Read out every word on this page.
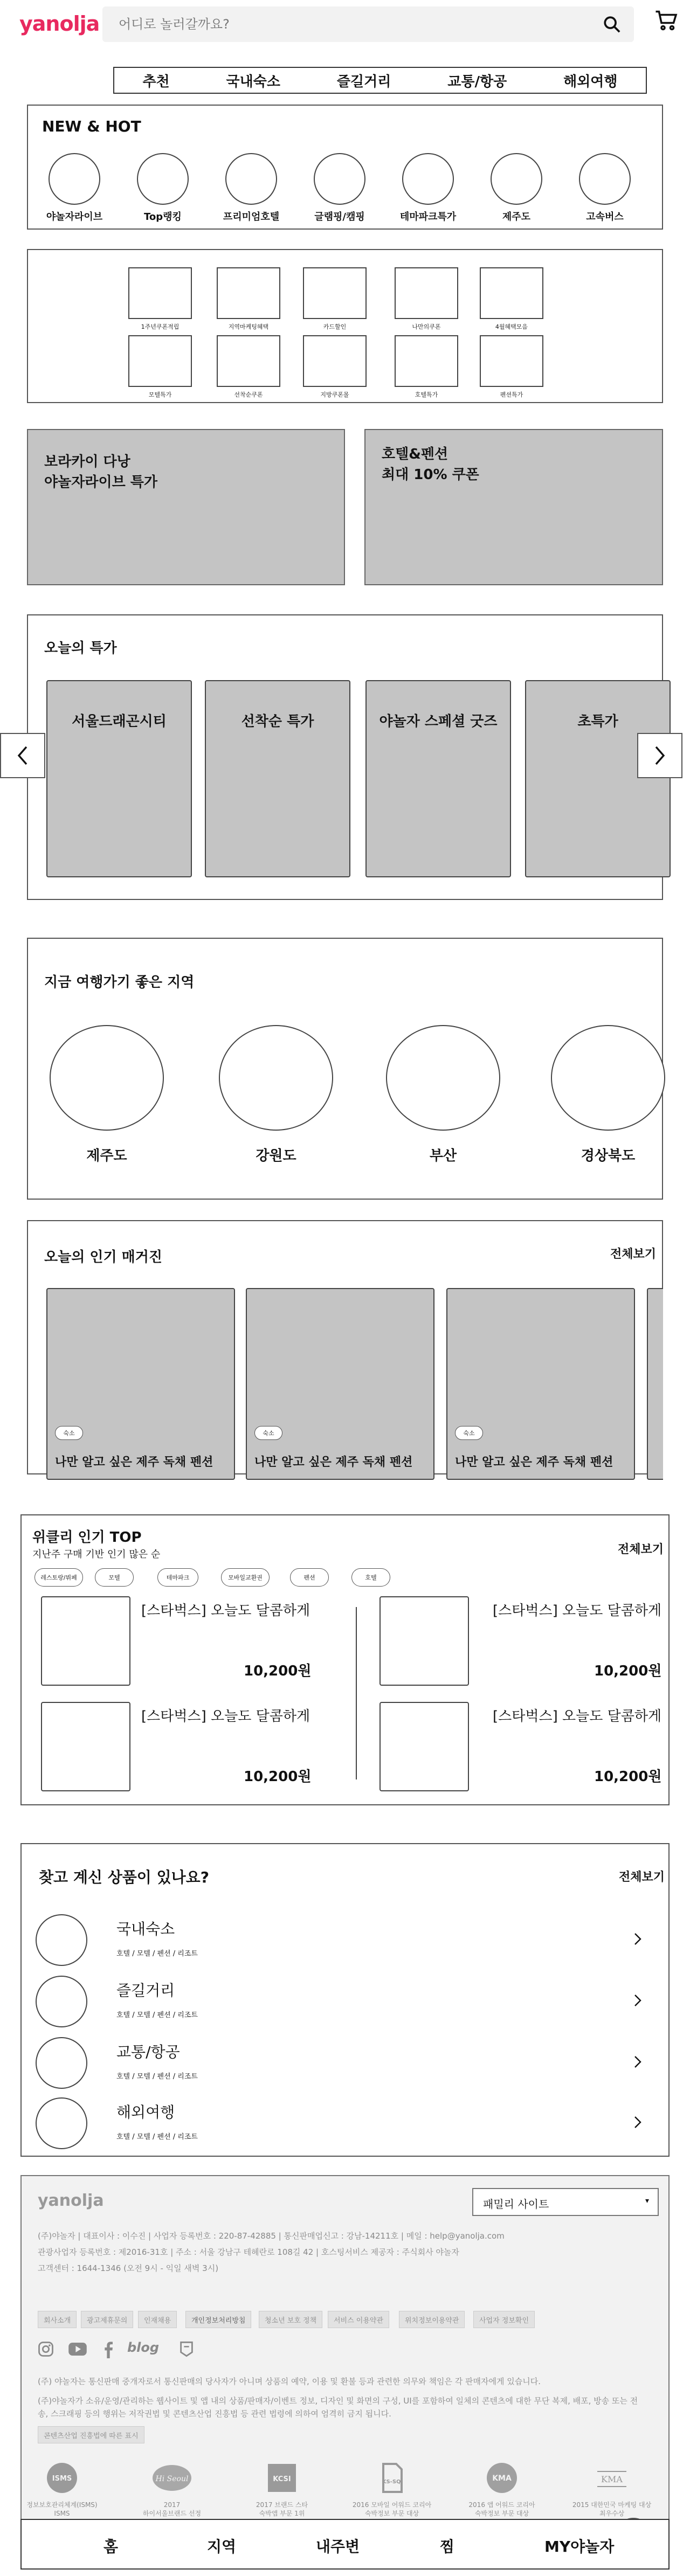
yanolja
어디로 놀러갈까요?
추천	국내숙소	즐길거리	교통/항공	해외여행
NEW & HOT
야놀자라이브	Top랭킹	프리미엄호텔	글램핑/캠핑	테마파크특가	제주도	고속버스
1주년쿠폰적립	지역마케팅혜택	카드할인	나만의쿠폰	4월혜택모음
모텔특가	선착순쿠폰	지방쿠폰몰	호텔특가	펜션특가
보라카이 다낭
야놀자라이브 특가
호텔&펜션
최대 10% 쿠폰
오늘의 특가
서울드래곤시티	선착순 특가	야놀자 스페셜 굿즈	초특가
지금 여행가기 좋은 지역
제주도	강원도	부산	경상북도
오늘의 인기 매거진	전체보기
숙소
나만 알고 싶은 제주 독채 펜션
숙소
나만 알고 싶은 제주 독채 펜션
숙소
나만 알고 싶은 제주 독채 펜션
위클리 인기 TOP
지난주 구매 기반 인기 많은 순	전체보기
레스토랑/뷔페	모텔	테마파크	모바일교환권	펜션	호텔
[스타벅스] 오늘도 달콤하게
10,200원
[스타벅스] 오늘도 달콤하게
10,200원
[스타벅스] 오늘도 달콤하게
10,200원
[스타벅스] 오늘도 달콤하게
10,200원
찾고 계신 상품이 있나요?	전체보기
국내숙소
호텔 / 모텔 / 펜션 / 리조트
즐길거리
호텔 / 모텔 / 펜션 / 리조트
교통/항공
호텔 / 모텔 / 펜션 / 리조트
해외여행
호텔 / 모텔 / 펜션 / 리조트
yanolja	패밀리 사이트	▾
(주)야놀자 | 대표이사 : 이수진 | 사업자 등록번호 : 220-87-42885 | 통신판매업신고 : 강남-14211호 | 메일 : help@yanolja.com
관광사업자 등록번호 : 제2016-31호 | 주소 : 서울 강남구 테헤란로 108길 42 | 호스팅서비스 제공자 : 주식회사 야놀자
고객센터 : 1644-1346 (오전 9시 - 익일 새벽 3시)
회사소개	광고제휴문의	인재채용	개인정보처리방침	청소년 보호 정책	서비스 이용약관	위치정보이용약관	사업자 정보확인
blog
(주) 야놀자는 통신판매 중개자로서 통신판매의 당사자가 아니며 상품의 예약, 이용 및 환불 등과 관련한 의무와 책임은 각 판매자에게 있습니다.
(주)야놀자가 소유/운영/관리하는 웹사이트 및 앱 내의 상품/판매자/이벤트 정보, 디자인 및 화면의 구성, UI를 포함하여 일체의 콘텐츠에 대한 무단 복제, 배포, 방송 또는 전
송, 스크래핑 등의 행위는 저작권법 및 콘텐츠산업 진흥법 등 관련 법령에 의하여 엄격히 금지 됩니다.
콘텐츠산업 진흥법에 따른 표시
ISMS
정보보호관리체계(ISMS)
ISMS
Hi Seoul
2017
하이서울브랜드 선정
KCSI
2017 브랜드 스타
숙박앱 부문 1위
KS-SQI
2016 모바일 어워드 코리아
숙박정보 부문 대상
KMA
2016 앱 어워드 코리아
숙박정보 부문 대상
KMA
2015 대한민국 마케팅 대상
최우수상
홈	지역	내주변	찜	MY야놀자
